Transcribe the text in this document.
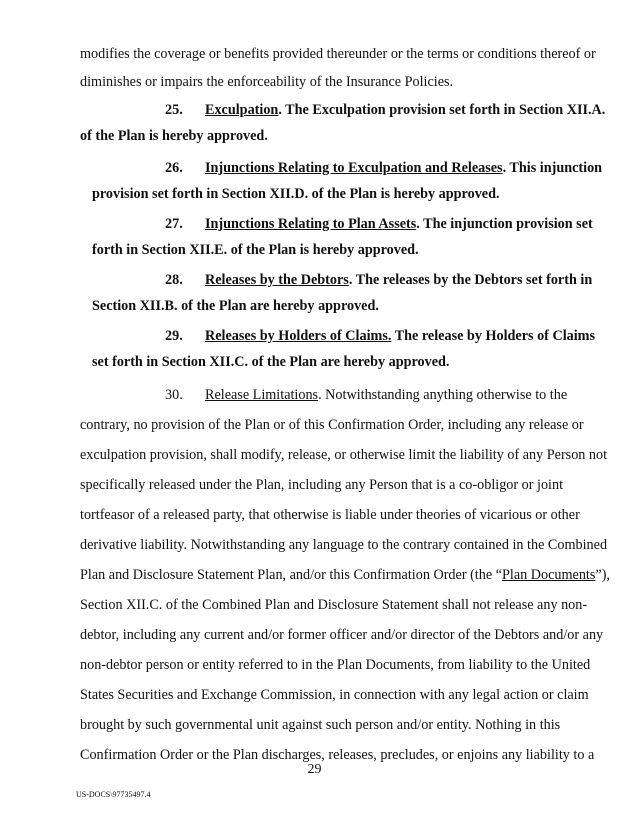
modifies the coverage or benefits provided thereunder or the terms or conditions thereof or
diminishes or impairs the enforceability of the Insurance Policies.
25. Exculpation. The Exculpation provision set forth in Section XII.A.
of the Plan is hereby approved.
26. Injunctions Relating to Exculpation and Releases. This injunction
provision set forth in Section XII.D. of the Plan is hereby approved.
27. Injunctions Relating to Plan Assets. The injunction provision set
forth in Section XII.E. of the Plan is hereby approved.
28. Releases by the Debtors. The releases by the Debtors set forth in
Section XII.B. of the Plan are hereby approved.
29. Releases by Holders of Claims. The release by Holders of Claims
set forth in Section XII.C. of the Plan are hereby approved.
30. Release Limitations. Notwithstanding anything otherwise to the
contrary, no provision of the Plan or of this Confirmation Order, including any release or
exculpation provision, shall modify, release, or otherwise limit the liability of any Person not
specifically released under the Plan, including any Person that is a co-obligor or joint
tortfeasor of a released party, that otherwise is liable under theories of vicarious or other
derivative liability. Notwithstanding any language to the contrary contained in the Combined
Plan and Disclosure Statement Plan, and/or this Confirmation Order (the “Plan Documents”),
Section XII.C. of the Combined Plan and Disclosure Statement shall not release any non-
debtor, including any current and/or former officer and/or director of the Debtors and/or any
non-debtor person or entity referred to in the Plan Documents, from liability to the United
States Securities and Exchange Commission, in connection with any legal action or claim
brought by such governmental unit against such person and/or entity. Nothing in this
Confirmation Order or the Plan discharges, releases, precludes, or enjoins any liability to a
29
US-DOCS\97735497.4
